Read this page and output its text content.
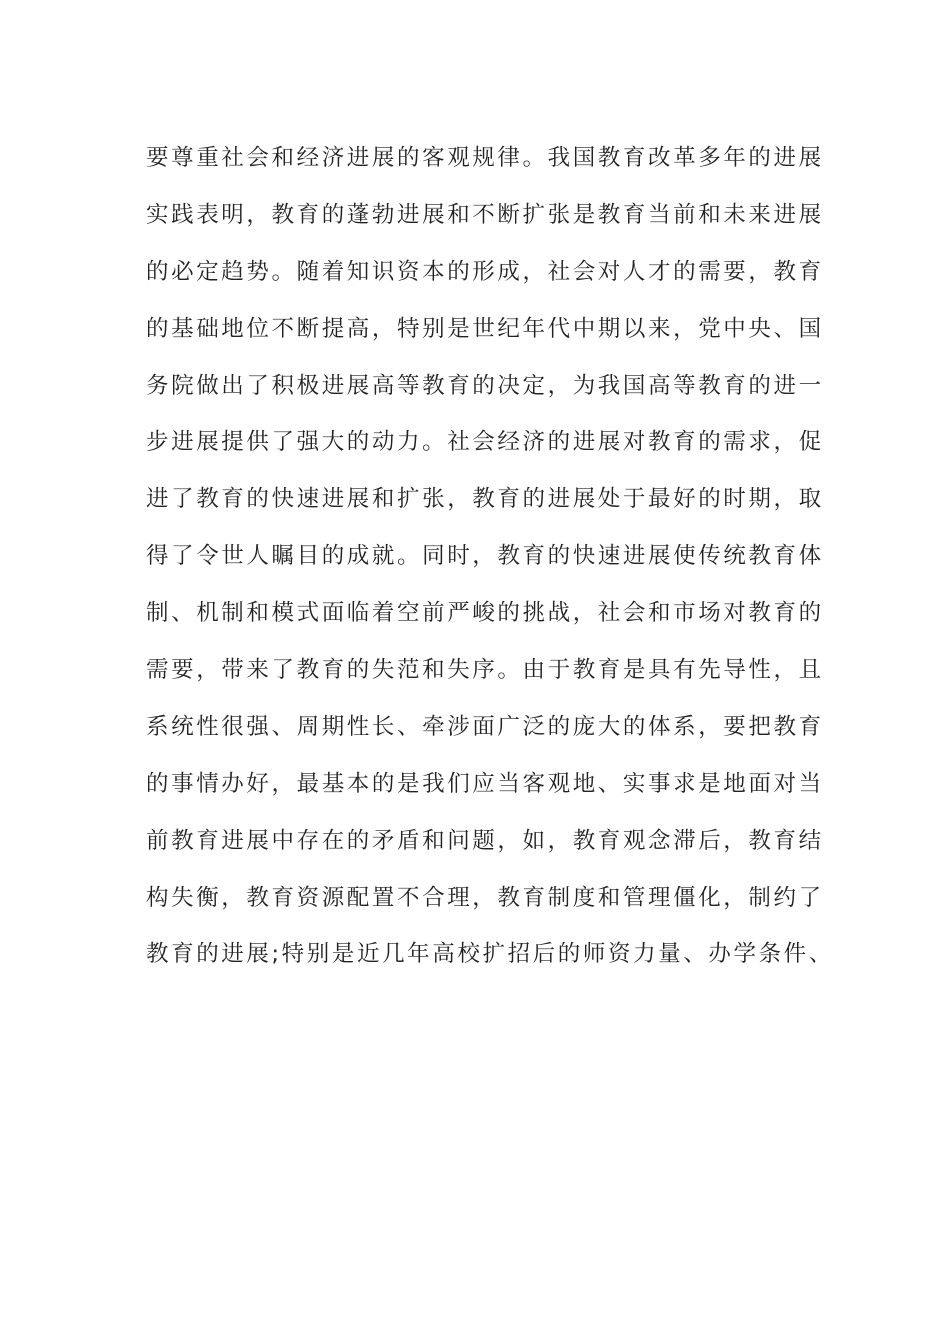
要尊重社会和经济进展的客观规律。我国教育改革多年的进展
实践表明，教育的蓬勃进展和不断扩张是教育当前和未来进展
的必定趋势。随着知识资本的形成，社会对人才的需要，教育
的基础地位不断提高，特别是世纪年代中期以来，党中央、国
务院做出了积极进展高等教育的决定，为我国高等教育的进一
步进展提供了强大的动力。社会经济的进展对教育的需求，促
进了教育的快速进展和扩张，教育的进展处于最好的时期，取
得了令世人瞩目的成就。同时，教育的快速进展使传统教育体
制、机制和模式面临着空前严峻的挑战，社会和市场对教育的
需要，带来了教育的失范和失序。由于教育是具有先导性，且
系统性很强、周期性长、牵涉面广泛的庞大的体系，要把教育
的事情办好，最基本的是我们应当客观地、实事求是地面对当
前教育进展中存在的矛盾和问题，如，教育观念滞后，教育结
构失衡，教育资源配置不合理，教育制度和管理僵化，制约了
教育的进展;特别是近几年高校扩招后的师资力量、办学条件、
